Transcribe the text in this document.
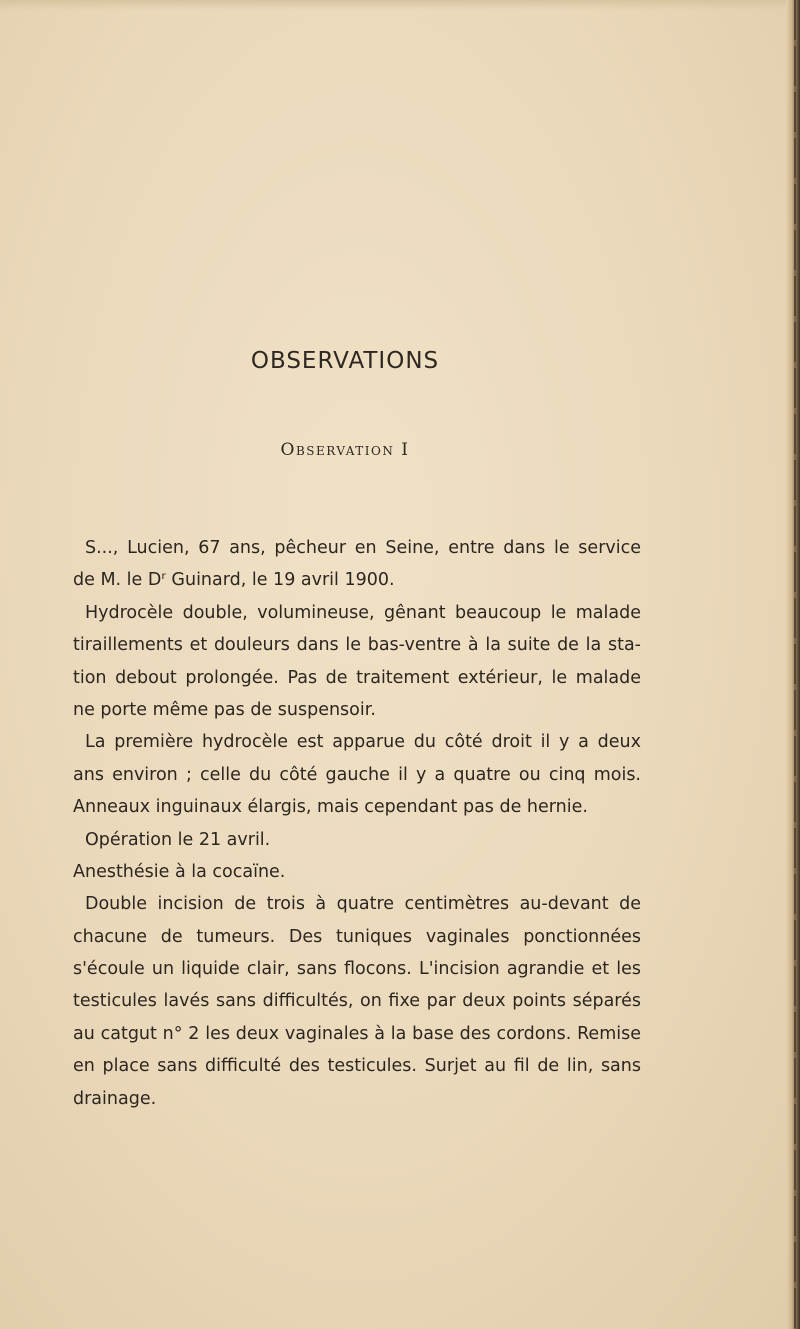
OBSERVATIONS
Observation I
S..., Lucien, 67 ans, pêcheur en Seine, entre dans le service
de M. le Dʳ Guinard, le 19 avril 1900.
Hydrocèle double, volumineuse, gênant beaucoup le malade
tiraillements et douleurs dans le bas-ventre à la suite de la sta-
tion debout prolongée. Pas de traitement extérieur, le malade
ne porte même pas de suspensoir.
La première hydrocèle est apparue du côté droit il y a deux
ans environ ; celle du côté gauche il y a quatre ou cinq mois.
Anneaux inguinaux élargis, mais cependant pas de hernie.
Opération le 21 avril.
Anesthésie à la cocaïne.
Double incision de trois à quatre centimètres au-devant de
chacune de tumeurs. Des tuniques vaginales ponctionnées
s'écoule un liquide clair, sans flocons. L'incision agrandie et les
testicules lavés sans difficultés, on fixe par deux points séparés
au catgut n° 2 les deux vaginales à la base des cordons. Remise
en place sans difficulté des testicules. Surjet au fil de lin, sans
drainage.
